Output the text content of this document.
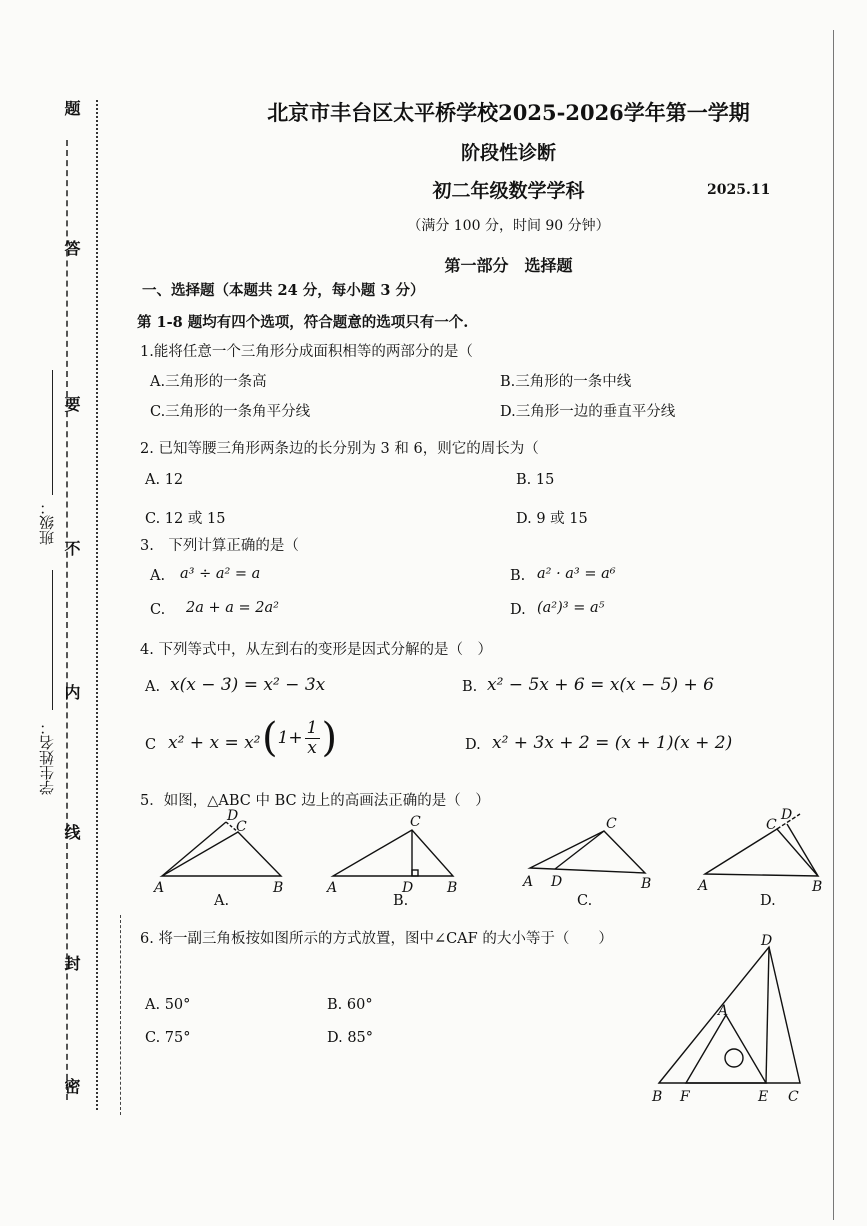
题
答
要
不
内
线
封
密
班级：
学生姓名：
北京市丰台区太平桥学校2025-2026学年第一学期
阶段性诊断
初二年级数学学科	2025.11
（满分 100 分，时间 90 分钟）
第一部分　选择题
一、选择题（本题共 24 分，每小题 3 分）
第 1-8 题均有四个选项，符合题意的选项只有一个.
1.能将任意一个三角形分成面积相等的两部分的是（
A.三角形的一条高	B.三角形的一条中线
C.三角形的一条角平分线	D.三角形一边的垂直平分线
2. 已知等腰三角形两条边的长分别为 3 和 6，则它的周长为（
A. 12	B. 15
C. 12 或 15	D. 9 或 15
3.　下列计算正确的是（
A. a³ ÷ a² = a	B. a² · a³ = a⁶
C. 2a + a = 2a²	D. (a²)³ = a⁵
4. 下列等式中，从左到右的变形是因式分解的是（　）
A. x(x − 3) = x² − 3x	B. x² − 5x + 6 = x(x − 5) + 6
C x² + x = x² ( $1+ \frac{1}{x}$ )	D. x² + 3x + 2 = (x + 1)(x + 2)
5．如图，△ABC 中 BC 边上的高画法正确的是（　）
A	B
C
D
A	B
C
D	A	B
C
D	A	B
C
D
A.	B.	C.	D.
6. 将一副三角板按如图所示的方式放置，图中∠CAF 的大小等于（　　）
A. 50°	B. 60°
C. 75°	D. 85°
D
A
B F	E C
